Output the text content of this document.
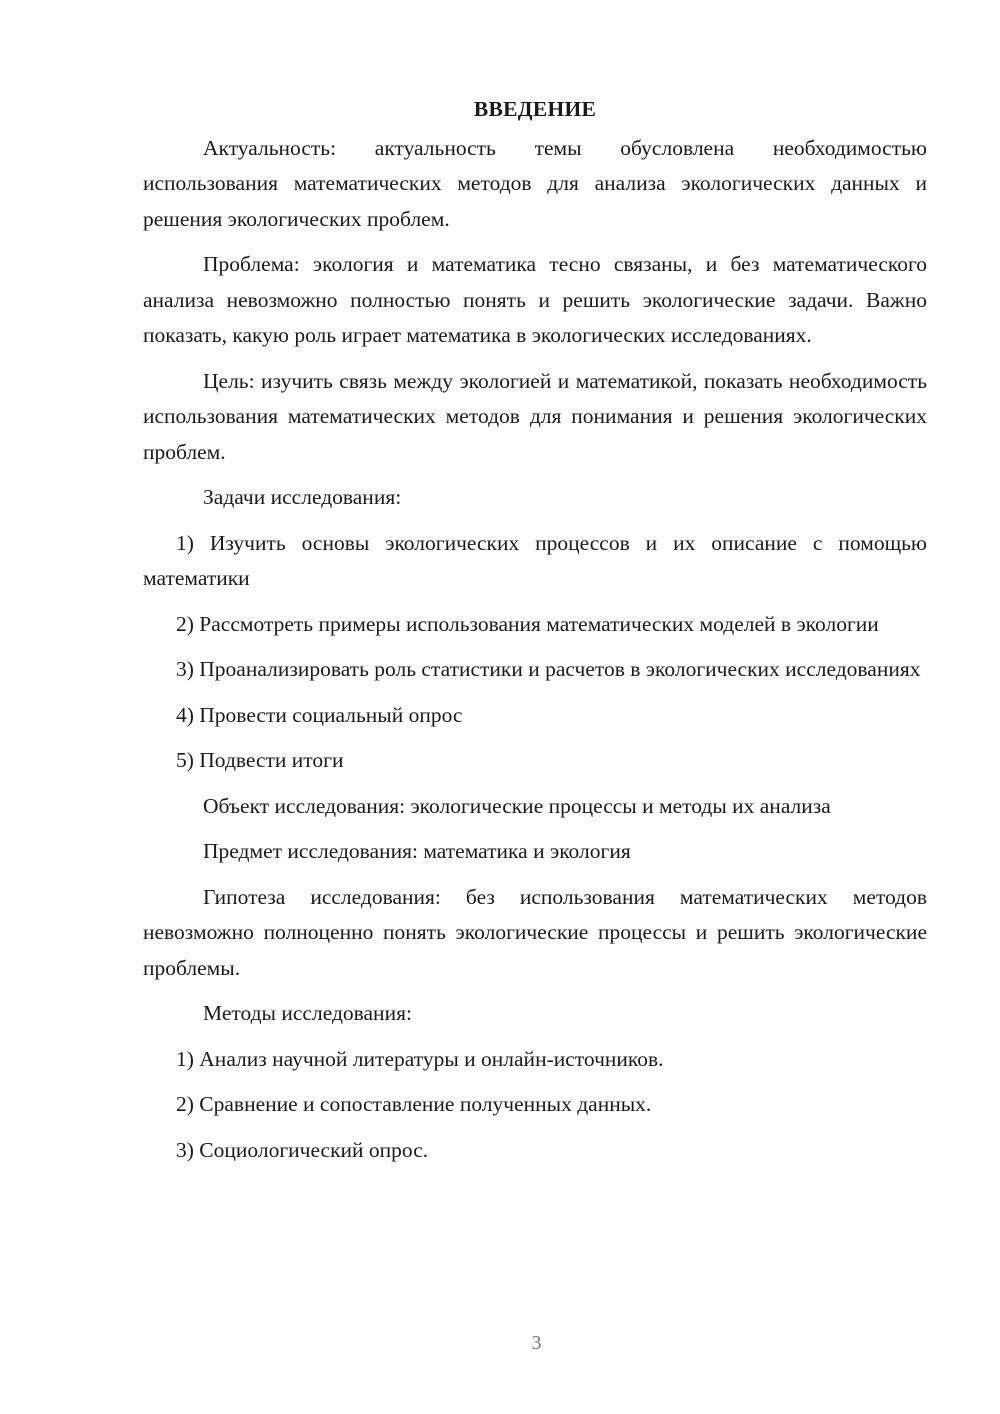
ВВЕДЕНИЕ

Актуальность: актуальность темы обусловлена необходимостью использования математических методов для анализа экологических данных и решения экологических проблем.

Проблема: экология и математика тесно связаны, и без математического анализа невозможно полностью понять и решить экологические задачи. Важно показать, какую роль играет математика в экологических исследованиях.

Цель: изучить связь между экологией и математикой, показать необходимость использования математических методов для понимания и решения экологических проблем.

Задачи исследования:

1) Изучить основы экологических процессов и их описание с помощью математики

2) Рассмотреть примеры использования математических моделей в экологии

3) Проанализировать роль статистики и расчетов в экологических исследованиях

4) Провести социальный опрос

5) Подвести итоги

Объект исследования: экологические процессы и методы их анализа

Предмет исследования: математика и экология

Гипотеза исследования: без использования математических методов невозможно полноценно понять экологические процессы и решить экологические проблемы.

Методы исследования:

1) Анализ научной литературы и онлайн-источников.

2) Сравнение и сопоставление полученных данных.

3) Социологический опрос.

3
